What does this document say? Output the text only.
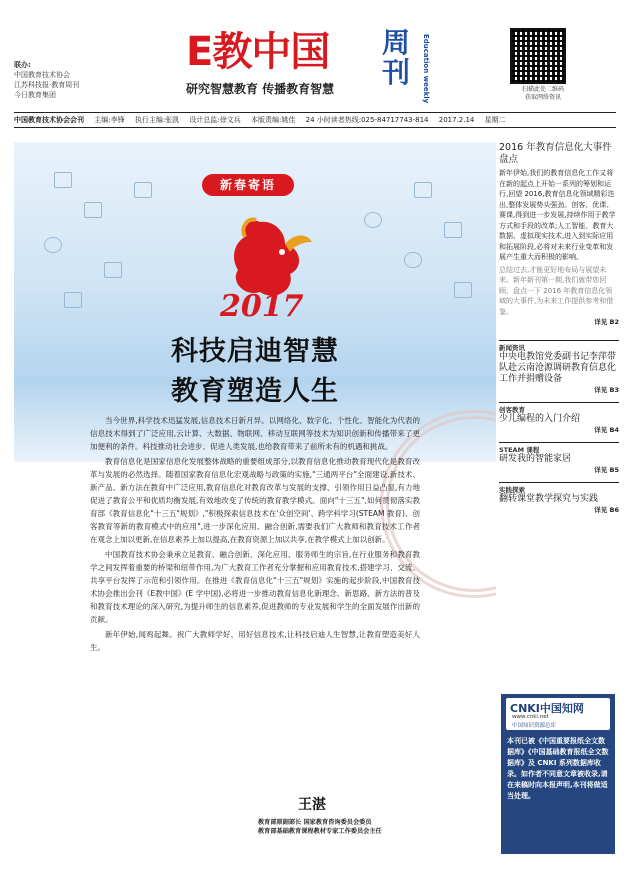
联办:
中国教育技术协会
江苏科技报·教育周刊
今日教育集团
E教中国 周刊	Education weekly
研究智慧教育 传播教育智慧	扫描此处二维码
获取网络资讯
中国教育技术协会会刊 主编:李锋 执行主编:张凯 设计总监:徐文兵 本版责编:姚佳 24 小时读者热线:025-84717743-814 2017.2.14 星期二
新春寄语
2017
科技启迪智慧
教育塑造人生

当今世界,科学技术迅猛发展,信息技术日新月异。以网络化、数字化、个性化、智能化为代表的信息技术得到了广泛应用,云计算、大数据、物联网、移动互联网等技术为知识创新和传播带来了更加便利的条件。科技推动社会进步、促进人类发展,也给教育带来了前所未有的机遇和挑战。

教育信息化是国家信息化发展整体战略的重要组成部分,以教育信息化推动教育现代化是教育改革与发展的必然选择。随着国家教育信息化宏观战略与政策的实施,"三通两平台"全面建设,新技术、新产品、新方法在教育中广泛应用,教育信息化对教育改革与发展的支撑、引领作用日益凸显,有力地促进了教育公平和优质均衡发展,有效地改变了传统的教育教学模式。面向"十三五",如何贯彻落实教育部《教育信息化"十三五"规划》,"积极探索信息技术在'众创空间'、跨学科学习(STEAM 教育)、创客教育等新的教育模式中的应用",进一步深化应用、融合创新,需要我们广大教师和教育技术工作者在观念上加以更新,在信息素养上加以提高,在教育资源上加以共享,在教学模式上加以创新。

中国教育技术协会秉承立足教育、融合创新、深化应用、服务师生的宗旨,在行业服务和教育教学之间发挥着重要的桥梁和纽带作用,为广大教育工作者充分掌握和应用教育技术,搭建学习、交流、共享平台发挥了示范和引领作用。在推进《教育信息化"十三五"规划》实施的起步阶段,中国教育技术协会推出会刊《E教中国》(E 学中国),必将进一步推动教育信息化新理念、新思路、新方法的普及和教育技术理论的深入研究,为提升师生的信息素养,促进教师的专业发展和学生的全面发展作出新的贡献。

新年伊始,闻鸡起舞。祝广大教师学好、用好信息技术,让科技启迪人生智慧,让教育塑造美好人生。

王湛
教育部原副部长 国家教育咨询委员会委员
教育部基础教育课程教材专家工作委员会主任
2016 年教育信息化大事件盘点
新年伊始,我们的教育信息化工作又将在新的起点上开始一系列的筹划和运行,回望 2016,教育信息化领域精彩迭出,整体发展势头强劲。创客、优课、赛课,得到进一步发展,持续作用于教学方式和手段的改革;人工智能、教育大数据、虚拟现实技术,进入到实际应用和拓展阶段,必将对未来行业变革和发展产生重大而积极的影响。
总结过去,才能更好地布局与展望未来。新年新刊第一期,我们就带您回顾、盘点一下 2016 年教育信息化领域的大事件,为未来工作提供参考和借鉴。
详见 B2
新闻资讯
中央电教馆党委副书记李萍带队赴云南沧源调研教育信息化工作并捐赠设备
详见 B3
创客教育
少儿编程的入门介绍
详见 B4
STEAM 课程
研发我的智能家居
详见 B5
实践探索
翻转课堂教学探究与实践
详见 B6
CNKI中国知网
www.cnki.net
中国知识资源总库
本刊已被《中国重要报纸全文数据库》《中国基础教育报纸全文数据库》及 CNKI 系列数据库收录。如作者不同意文章被收录,请在来稿时向本报声明,本刊将做适当处理。
